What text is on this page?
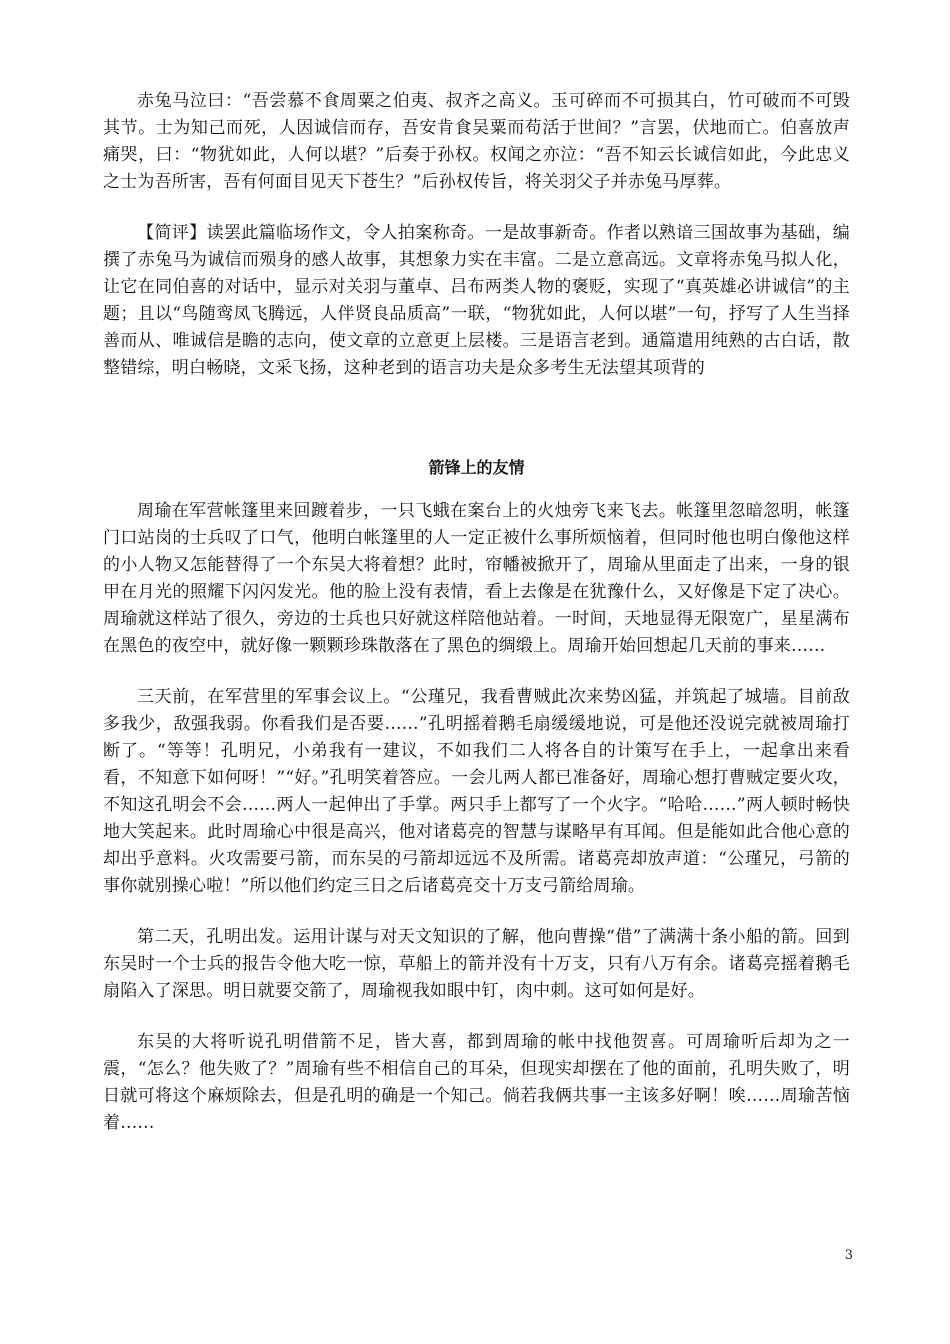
赤兔马泣曰：“吾尝慕不食周粟之伯夷、叔齐之高义。玉可碎而不可损其白，竹可破而不可毁其节。士为知己而死，人因诚信而存，吾安肯食吴粟而苟活于世间？”言罢，伏地而亡。伯喜放声痛哭，曰：“物犹如此，人何以堪？”后奏于孙权。权闻之亦泣：“吾不知云长诚信如此，今此忠义之士为吾所害，吾有何面目见天下苍生？”后孙权传旨，将关羽父子并赤兔马厚葬。

【简评】读罢此篇临场作文，令人拍案称奇。一是故事新奇。作者以熟谙三国故事为基础，编撰了赤兔马为诚信而殒身的感人故事，其想象力实在丰富。二是立意高远。文章将赤兔马拟人化，让它在同伯喜的对话中，显示对关羽与董卓、吕布两类人物的褒贬，实现了“真英雄必讲诚信”的主题；且以“鸟随鸾凤飞腾远，人伴贤良品质高”一联，“物犹如此，人何以堪”一句，抒写了人生当择善而从、唯诚信是瞻的志向，使文章的立意更上层楼。三是语言老到。通篇遣用纯熟的古白话，散整错综，明白畅晓，文采飞扬，这种老到的语言功夫是众多考生无法望其项背的

箭锋上的友情

周瑜在军营帐篷里来回踱着步，一只飞蛾在案台上的火烛旁飞来飞去。帐篷里忽暗忽明，帐篷门口站岗的士兵叹了口气，他明白帐篷里的人一定正被什么事所烦恼着，但同时他也明白像他这样的小人物又怎能替得了一个东吴大将着想？此时，帘幡被掀开了，周瑜从里面走了出来，一身的银甲在月光的照耀下闪闪发光。他的脸上没有表情，看上去像是在犹豫什么，又好像是下定了决心。周瑜就这样站了很久，旁边的士兵也只好就这样陪他站着。一时间，天地显得无限宽广，星星满布在黑色的夜空中，就好像一颗颗珍珠散落在了黑色的绸缎上。周瑜开始回想起几天前的事来……

三天前，在军营里的军事会议上。“公瑾兄，我看曹贼此次来势凶猛，并筑起了城墙。目前敌多我少，敌强我弱。你看我们是否要……”孔明摇着鹅毛扇缓缓地说，可是他还没说完就被周瑜打断了。“等等！孔明兄，小弟我有一建议，不如我们二人将各自的计策写在手上，一起拿出来看看，不知意下如何呀！”“好。”孔明笑着答应。一会儿两人都已准备好，周瑜心想打曹贼定要火攻，不知这孔明会不会……两人一起伸出了手掌。两只手上都写了一个火字。“哈哈……”两人顿时畅快地大笑起来。此时周瑜心中很是高兴，他对诸葛亮的智慧与谋略早有耳闻。但是能如此合他心意的却出乎意料。火攻需要弓箭，而东吴的弓箭却远远不及所需。诸葛亮却放声道：“公瑾兄，弓箭的事你就别操心啦！”所以他们约定三日之后诸葛亮交十万支弓箭给周瑜。

第二天，孔明出发。运用计谋与对天文知识的了解，他向曹操“借”了满满十条小船的箭。回到东吴时一个士兵的报告令他大吃一惊，草船上的箭并没有十万支，只有八万有余。诸葛亮摇着鹅毛扇陷入了深思。明日就要交箭了，周瑜视我如眼中钉，肉中刺。这可如何是好。

东吴的大将听说孔明借箭不足，皆大喜，都到周瑜的帐中找他贺喜。可周瑜听后却为之一震，“怎么？他失败了？”周瑜有些不相信自己的耳朵，但现实却摆在了他的面前，孔明失败了，明日就可将这个麻烦除去，但是孔明的确是一个知己。倘若我俩共事一主该多好啊！唉……周瑜苦恼着……

3
